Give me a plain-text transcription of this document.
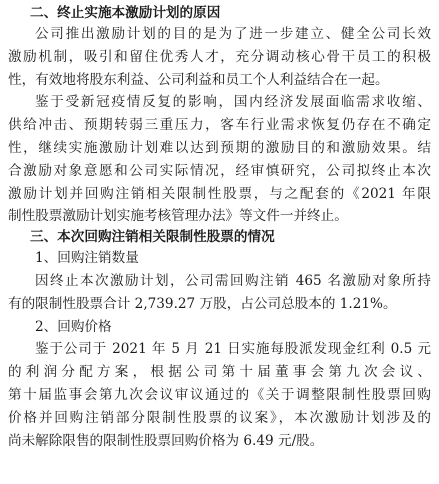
二、终止实施本激励计划的原因
公司推出激励计划的目的是为了进一步建立、健全公司长效
激励机制，吸引和留住优秀人才，充分调动核心骨干员工的积极
性，有效地将股东利益、公司利益和员工个人利益结合在一起。
鉴于受新冠疫情反复的影响，国内经济发展面临需求收缩、
供给冲击、预期转弱三重压力，客车行业需求恢复仍存在不确定
性，继续实施激励计划难以达到预期的激励目的和激励效果。结
合激励对象意愿和公司实际情况，经审慎研究，公司拟终止本次
激励计划并回购注销相关限制性股票，与之配套的《2021 年限
制性股票激励计划实施考核管理办法》等文件一并终止。
三、本次回购注销相关限制性股票的情况
1、回购注销数量
因终止本次激励计划，公司需回购注销 465 名激励对象所持
有的限制性股票合计 2,739.27 万股，占公司总股本的 1.21%。
2、回购价格
鉴于公司于 2021 年 5 月 21 日实施每股派发现金红利 0.5 元
的利润分配方案，根据公司第十届董事会第九次会议、
第十届监事会第九次会议审议通过的《关于调整限制性股票回购
价格并回购注销部分限制性股票的议案》，本次激励计划涉及的
尚未解除限售的限制性股票回购价格为 6.49 元/股。
